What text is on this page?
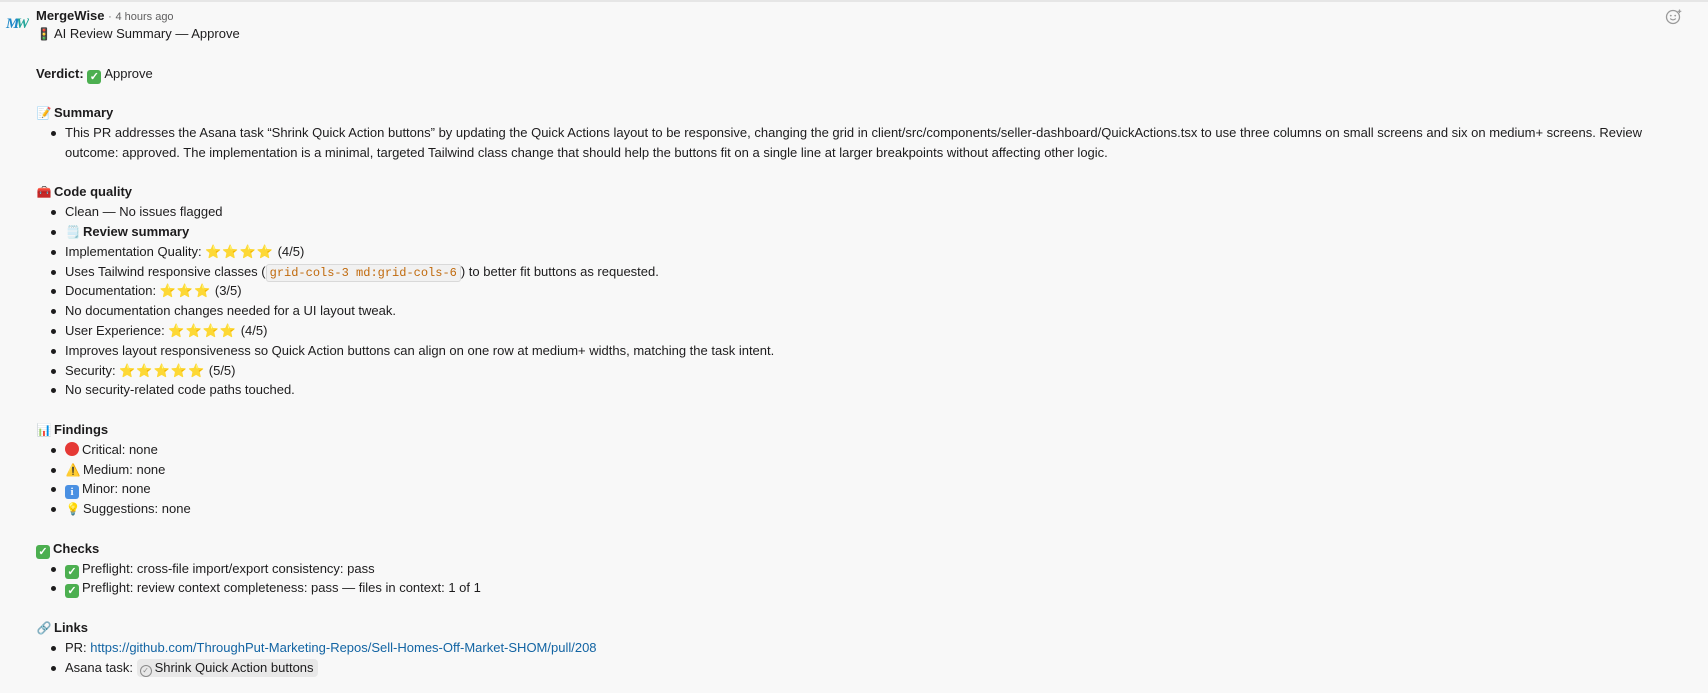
M
W
MergeWise · 4 hours ago
🚦 AI Review Summary — Approve
Verdict: ✓ Approve
📝 Summary
This PR addresses the Asana task “Shrink Quick Action buttons” by updating the Quick Actions layout to be responsive, changing the grid in client/src/components/seller-dashboard/QuickActions.tsx to use three columns on small screens and six on medium+ screens. Review outcome: approved. The implementation is a minimal, targeted Tailwind class change that should help the buttons fit on a single line at larger breakpoints without affecting other logic.
🧰 Code quality
Clean — No issues flagged
🗒️ Review summary
Implementation Quality: ⭐⭐⭐⭐ (4/5)
Uses Tailwind responsive classes ( grid-cols-3 md:grid-cols-6 ) to better fit buttons as requested.
Documentation: ⭐⭐⭐ (3/5)
No documentation changes needed for a UI layout tweak.
User Experience: ⭐⭐⭐⭐ (4/5)
Improves layout responsiveness so Quick Action buttons can align on one row at medium+ widths, matching the task intent.
Security: ⭐⭐⭐⭐⭐ (5/5)
No security-related code paths touched.
📊 Findings
Critical: none
⚠️ Medium: none
i Minor: none
💡 Suggestions: none
✓ Checks
✓ Preflight: cross-file import/export consistency: pass
✓ Preflight: review context completeness: pass — files in context: 1 of 1
🔗 Links
PR: https://github.com/ThroughPut-Marketing-Repos/Sell-Homes-Off-Market-SHOM/pull/208
Asana task: ✓ Shrink Quick Action buttons
